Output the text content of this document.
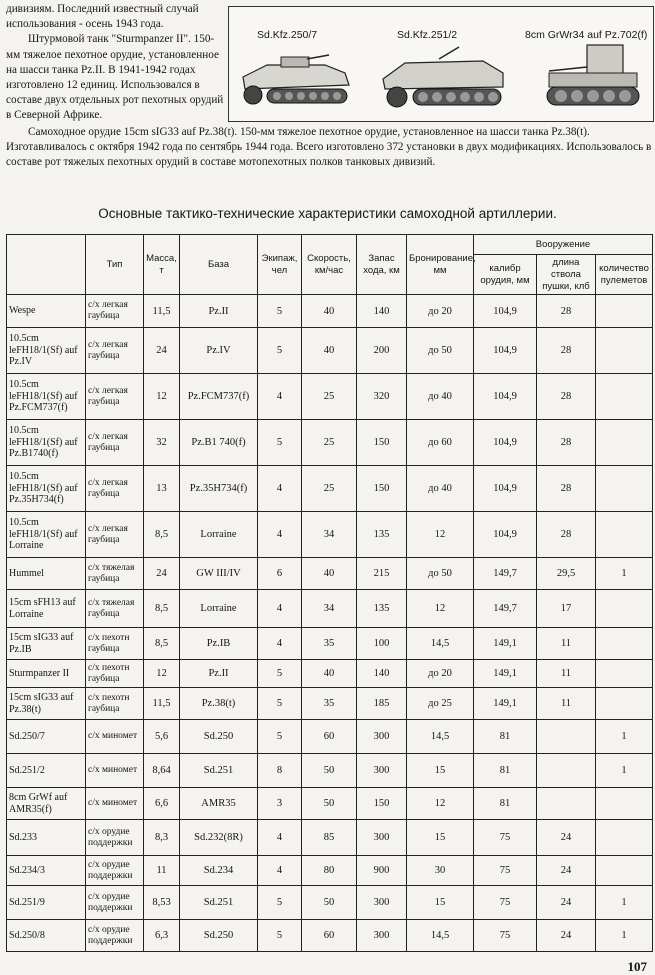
дивизиям. Последний известный случай использования - осень 1943 года.

Штурмовой танк "Sturmpanzer II". 150-мм тяжелое пехотное орудие, установленное на шасси танка Pz.II. В 1941-1942 годах изготовлено 12 единиц. Использовался в составе двух отдельных рот пехотных орудий в Северной Африке.

Sd.Kfz.250/7	Sd.Kfz.251/2	8cm GrWr34 auf Pz.702(f)

Самоходное орудие 15cm sIG33 auf Pz.38(t). 150-мм тяжелое пехотное орудие, установленное на шасси танка Pz.38(t). Изготавливалось с октября 1942 года по сентябрь 1944 года. Всего изготовлено 372 установки в двух модификациях. Использовалось в составе рот тяжелых пехотных орудий в составе мотопехотных полков танковых дивизий.

Основные тактико-технические характеристики самоходной артиллерии.
	Тип	Масса, т	База	Экипаж, чел	Скорость, км/час	Запас хода, км	Бронирование, мм	Вооружение		
								калибр орудия, мм	длина ствола пушки, клб	количество пулеметов
Wespe	с/х легкая гаубица	11,5	Pz.II	5	40	140	до 20	104,9	28	
10.5cm leFH18/1(Sf) auf Pz.IV	с/х легкая гаубица	24	Pz.IV	5	40	200	до 50	104,9	28	
10.5cm leFH18/1(Sf) auf Pz.FCM737(f)	с/х легкая гаубица	12	Pz.FCM737(f)	4	25	320	до 40	104,9	28	
10.5cm leFH18/1(Sf) auf Pz.B1740(f)	с/х легкая гаубица	32	Pz.B1 740(f)	5	25	150	до 60	104,9	28	
10.5cm leFH18/1(Sf) auf Pz.35H734(f)	с/х легкая гаубица	13	Pz.35H734(f)	4	25	150	до 40	104,9	28	
10.5cm leFH18/1(Sf) auf Lorraine	с/х легкая гаубица	8,5	Lorraine	4	34	135	12	104,9	28	
Hummel	с/х тяжелая гаубица	24	GW III/IV	6	40	215	до 50	149,7	29,5	1
15cm sFH13 auf Lorraine	с/х тяжелая гаубица	8,5	Lorraine	4	34	135	12	149,7	17	
15cm sIG33 auf Pz.IB	с/х пехотн гаубица	8,5	Pz.IB	4	35	100	14,5	149,1	11	
Sturmpanzer II	с/х пехотн гаубица	12	Pz.II	5	40	140	до 20	149,1	11	
15cm sIG33 auf Pz.38(t)	с/х пехотн гаубица	11,5	Pz.38(t)	5	35	185	до 25	149,1	11	
Sd.250/7	с/х миномет	5,6	Sd.250	5	60	300	14,5	81		1
Sd.251/2	с/х миномет	8,64	Sd.251	8	50	300	15	81		1
8cm GrWf auf AMR35(f)	с/х миномет	6,6	AMR35	3	50	150	12	81		
Sd.233	с/х орудие поддержки	8,3	Sd.232(8R)	4	85	300	15	75	24	
Sd.234/3	с/х орудие поддержки	11	Sd.234	4	80	900	30	75	24	
Sd.251/9	с/х орудие поддержки	8,53	Sd.251	5	50	300	15	75	24	1
Sd.250/8	с/х орудие поддержки	6,3	Sd.250	5	60	300	14,5	75	24	1
107
